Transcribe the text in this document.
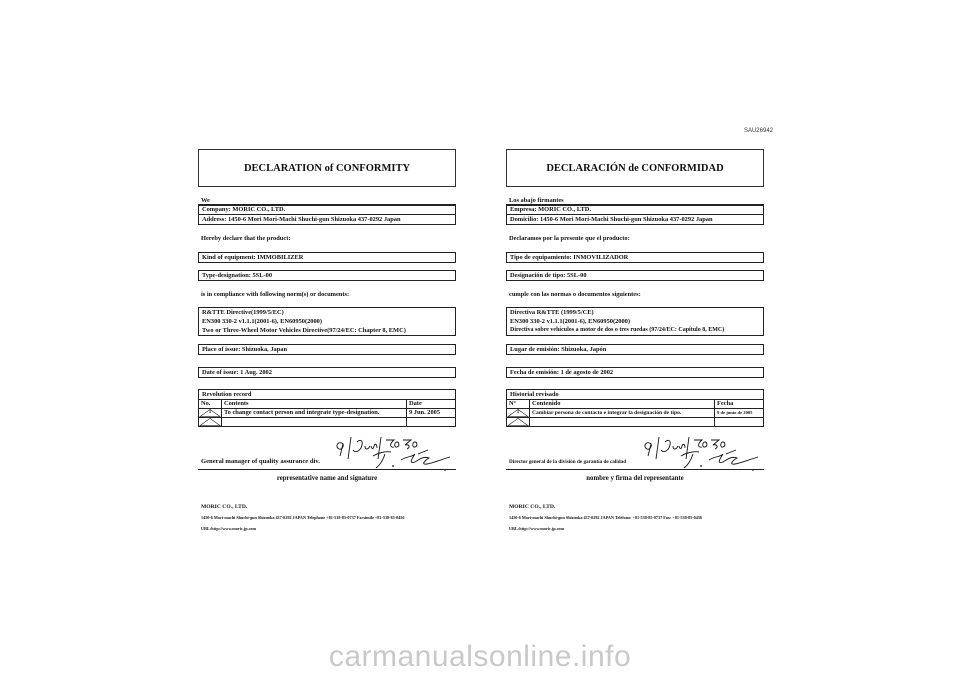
SAU26942
DECLARATION of CONFORMITY
We
Company: MORIC CO., LTD.
Address: 1450-6 Mori Mori-Machi Shuchi-gun Shizuoka 437-0292 Japan
Hereby declare that the product:
Kind of equipment: IMMOBILIZER
Type-designation: 5SL-00
is in compliance with following norm(s) or documents:
R&TTE Directive(1999/5/EC)
EN300 330-2 v1.1.1(2001-6), EN60950(2000)
Two or Three-Wheel Motor Vehicles Directive(97/24/EC: Chapter 8, EMC)
Place of issue: Shizuoka, Japan
Date of issue: 1 Aug. 2002
Revolution record
No.	Contents	Date

1	To change contact person and integrate type-designation.	9 Jun. 2005

General manager of quality assurance div.
representative name and signature
MORIC CO., LTD.
1450-6 Mori-machi Shuchi-gun Shizuoka 437-0292 JAPAN Telephone +81-538-85-0737 Facsimile +81-538-85-0456
URL:http://www.moric.jp.com
DECLARACIÓN de CONFORMIDAD
Los abajo firmantes
Empresa: MORIC CO., LTD.
Domicilio: 1450-6 Mori Mori-Machi Shuchi-gun Shizuoka 437-0292 Japan
Declaramos por la presente que el producto:
Tipo de equipamiento: INMOVILIZADOR
Designación de tipo: 5SL-00
cumple con las normas o documentos siguientes:
Directiva R&TTE (1999/5/CE)
EN300 330-2 v1.1.1(2001-6), EN60950(2000)
Directiva sobre vehículos a motor de dos o tres ruedas (97/24/EC: Capítulo 8, EMC)
Lugar de emisión: Shizuoka, Japón
Fecha de emisión: 1 de agosto de 2002
Historial revisado
Nº	Contenido	Fecha

1	Cambiar persona de contacto e integrar la designación de tipo.	9 de junio de 2005

Director general de la división de garantía de calidad
nombre y firma del representante
MORIC CO., LTD.
1450-6 Mori-machi Shuchi-gun Shizuoka 437-0292 JAPAN Teléfono: +81-538-85-0737 Fax: +81-538-85-0456
URL:http://www.moric.jp.com
carmanualsonline.info
